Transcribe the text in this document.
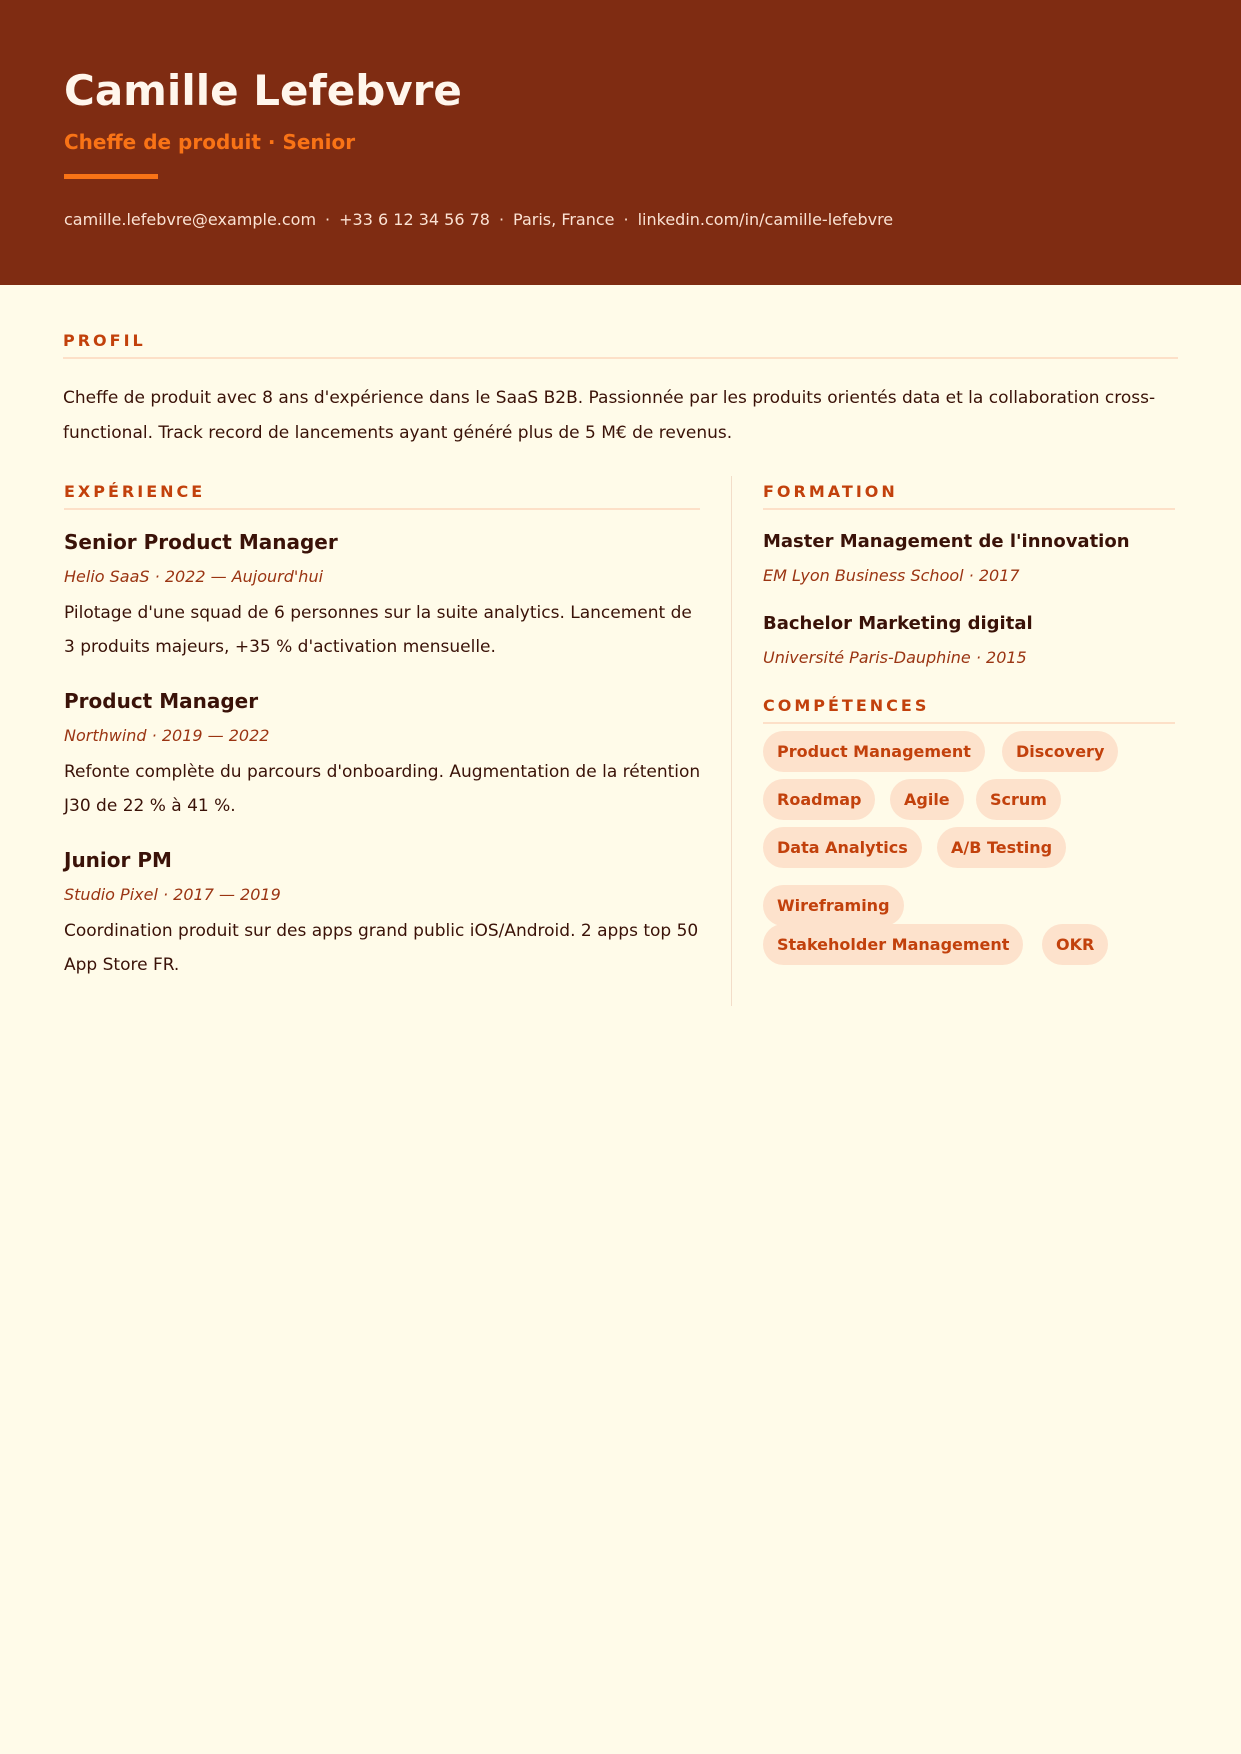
Camille Lefebvre
Cheffe de produit · Senior
camille.lefebvre@example.com · +33 6 12 34 56 78 · Paris, France · linkedin.com/in/camille-lefebvre
PROFIL
Cheffe de produit avec 8 ans d'expérience dans le SaaS B2B. Passionnée par les produits orientés data et la collaboration cross-functional. Track record de lancements ayant généré plus de 5 M€ de revenus.
EXPÉRIENCE
Senior Product Manager
Helio SaaS · 2022 — Aujourd'hui
Pilotage d'une squad de 6 personnes sur la suite analytics. Lancement de 3 produits majeurs, +35 % d'activation mensuelle.
Product Manager
Northwind · 2019 — 2022
Refonte complète du parcours d'onboarding. Augmentation de la rétention J30 de 22 % à 41 %.
Junior PM
Studio Pixel · 2017 — 2019
Coordination produit sur des apps grand public iOS/Android. 2 apps top 50 App Store FR.
FORMATION
Master Management de l'innovation
EM Lyon Business School · 2017
Bachelor Marketing digital
Université Paris-Dauphine · 2015
COMPÉTENCES
Product Management	Discovery
Roadmap	Agile	Scrum
Data Analytics	A/B Testing
Wireframing
Stakeholder Management	OKR
